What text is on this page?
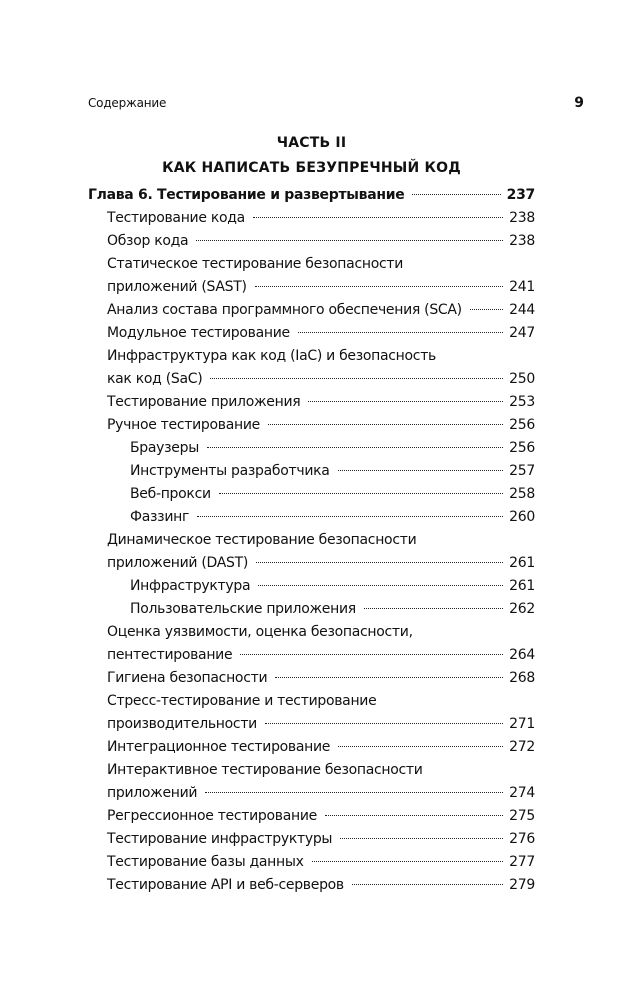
Содержание	9
ЧАСТЬ II
КАК НАПИСАТЬ БЕЗУПРЕЧНЫЙ КОД
Глава 6. Тестирование и развертывание	237
Тестирование кода	238
Обзор кода	238
Статическое тестирование безопасности
приложений (SAST)	241
Анализ состава программного обеспечения (SCA)	244
Модульное тестирование	247
Инфраструктура как код (IaC) и безопасность
как код (SaC)	250
Тестирование приложения	253
Ручное тестирование	256
Браузеры	256
Инструменты разработчика	257
Веб-прокси	258
Фаззинг	260
Динамическое тестирование безопасности
приложений (DAST)	261
Инфраструктура	261
Пользовательские приложения	262
Оценка уязвимости, оценка безопасности,
пентестирование	264
Гигиена безопасности	268
Стресс-тестирование и тестирование
производительности	271
Интеграционное тестирование	272
Интерактивное тестирование безопасности
приложений	274
Регрессионное тестирование	275
Тестирование инфраструктуры	276
Тестирование базы данных	277
Тестирование API и веб-серверов	279
